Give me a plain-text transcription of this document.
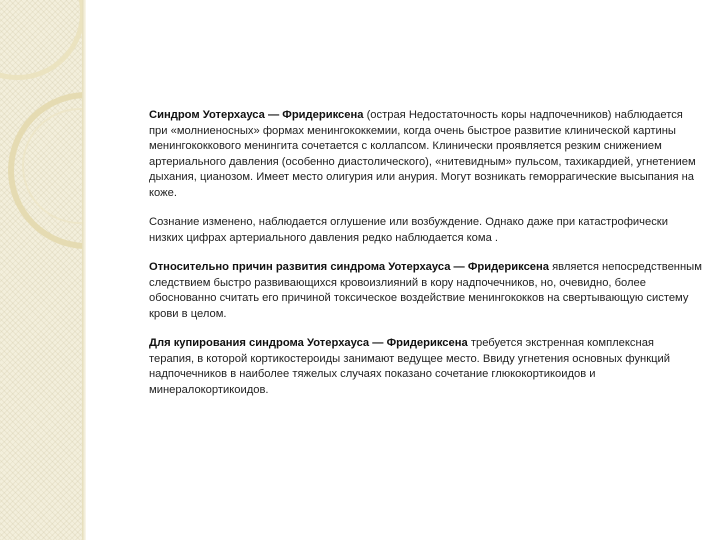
Синдром Уотерхауса — Фридериксена (острая Недостаточность коры надпочечников) наблюдается при «молниеносных» формах менингококкемии, когда очень быстрое развитие клинической картины менингококкового менингита сочетается с коллапсом. Клинически проявляется резким снижением артериального давления (особенно диастолического), «нитевидным» пульсом, тахикардией, угнетением дыхания, цианозом. Имеет место олигурия или анурия. Могут возникать геморрагические высыпания на коже.

Сознание изменено, наблюдается оглушение или возбуждение. Однако даже при катастрофически низких цифрах артериального давления редко наблюдается кома .

Относительно причин развития синдрома Уотерхауса — Фридериксена является непосредственным следствием быстро развивающихся кровоизлияний в кору надпочечников, но, очевидно, более обоснованно считать его причиной токсическое воздействие менингококков на свертывающую систему крови в целом.

Для купирования синдрома Уотерхауса — Фридериксена требуется экстренная комплексная терапия, в которой кортикостероиды занимают ведущее место. Ввиду угнетения основных функций надпочечников в наиболее тяжелых случаях показано сочетание глюкокортикоидов и минералокортикоидов.
